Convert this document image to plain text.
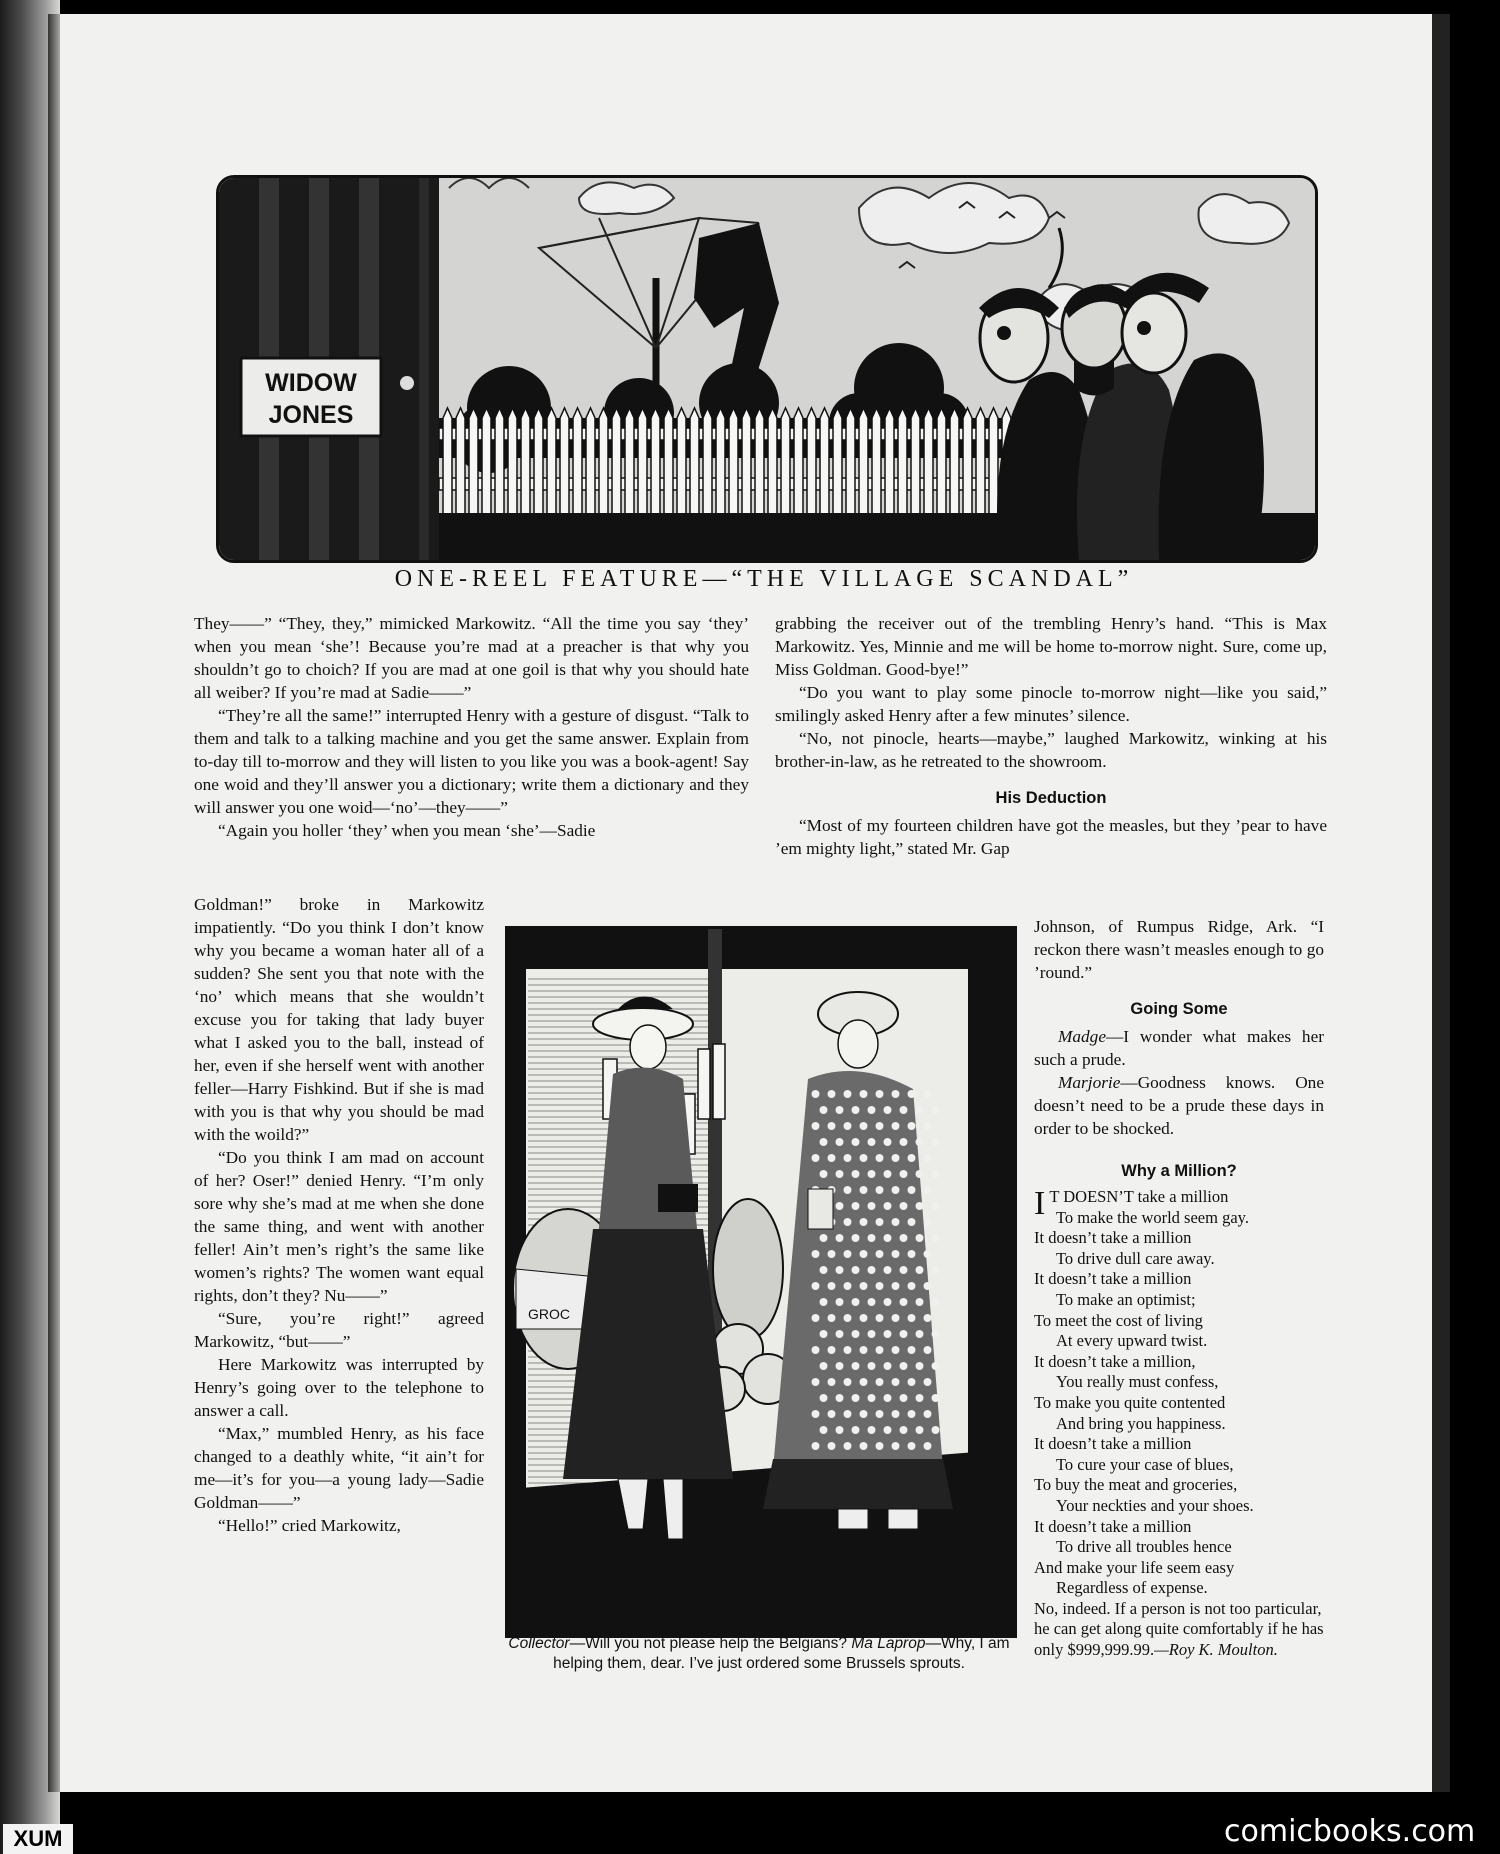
WIDOW
JONES
ONE-REEL FEATURE—“THE VILLAGE SCANDAL”

They——” “They, they,” mimicked Markowitz. “All the time you say ‘they’ when you mean ‘she’! Because you’re mad at a preacher is that why you shouldn’t go to choich? If you are mad at one goil is that why you should hate all weiber? If you’re mad at Sadie——”

“They’re all the same!” interrupted Henry with a gesture of disgust. “Talk to them and talk to a talking machine and you get the same answer. Explain from to-day till to-morrow and they will listen to you like you was a book-agent! Say one woid and they’ll answer you a dictionary; write them a dictionary and they will answer you one woid—‘no’—they——”

“Again you holler ‘they’ when you mean ‘she’—Sadie

Goldman!” broke in Markowitz impatiently. “Do you think I don’t know why you became a woman hater all of a sudden? She sent you that note with the ‘no’ which means that she wouldn’t excuse you for taking that lady buyer what I asked you to the ball, instead of her, even if she herself went with another feller—Harry Fishkind. But if she is mad with you is that why you should be mad with the woild?”

“Do you think I am mad on account of her? Oser!” denied Henry. “I’m only sore why she’s mad at me when she done the same thing, and went with another feller! Ain’t men’s right’s the same like women’s rights? The women want equal rights, don’t they? Nu——”

“Sure, you’re right!” agreed Markowitz, “but——”

Here Markowitz was interrupted by Henry’s going over to the telephone to answer a call.

“Max,” mumbled Henry, as his face changed to a deathly white, “it ain’t for me—it’s for you—a young lady—Sadie Goldman——”

“Hello!” cried Markowitz,

grabbing the receiver out of the trembling Henry’s hand. “This is Max Markowitz. Yes, Minnie and me will be home to-morrow night. Sure, come up, Miss Goldman. Good-bye!”

“Do you want to play some pinocle to-morrow night—like you said,” smilingly asked Henry after a few minutes’ silence.

“No, not pinocle, hearts—maybe,” laughed Markowitz, winking at his brother-in-law, as he retreated to the showroom.

His Deduction

“Most of my fourteen children have got the measles, but they ’pear to have ’em mighty light,” stated Mr. Gap

Johnson, of Rumpus Ridge, Ark. “I reckon there wasn’t measles enough to go ’round.”

Going Some

Madge—I wonder what makes her such a prude.

Marjorie—Goodness knows. One doesn’t need to be a prude these days in order to be shocked.

Why a Million?
I T DOESN’T take a million
To make the world seem gay.
It doesn’t take a million
To drive dull care away.
It doesn’t take a million
To make an optimist;
To meet the cost of living
At every upward twist.
It doesn’t take a million,
You really must confess,
To make you quite contented
And bring you happiness.
It doesn’t take a million
To cure your case of blues,
To buy the meat and groceries,
Your neckties and your shoes.
It doesn’t take a million
To drive all troubles hence
And make your life seem easy
Regardless of expense.

No, indeed. If a person is not too particular, he can get along quite comfortably if he has only $999,999.99.—Roy K. Moulton.

GROC
Collector—Will you not please help the Belgians? Ma Laprop—Why, I am helping them, dear. I’ve just ordered some Brussels sprouts.
XUM	comicbooks.com
